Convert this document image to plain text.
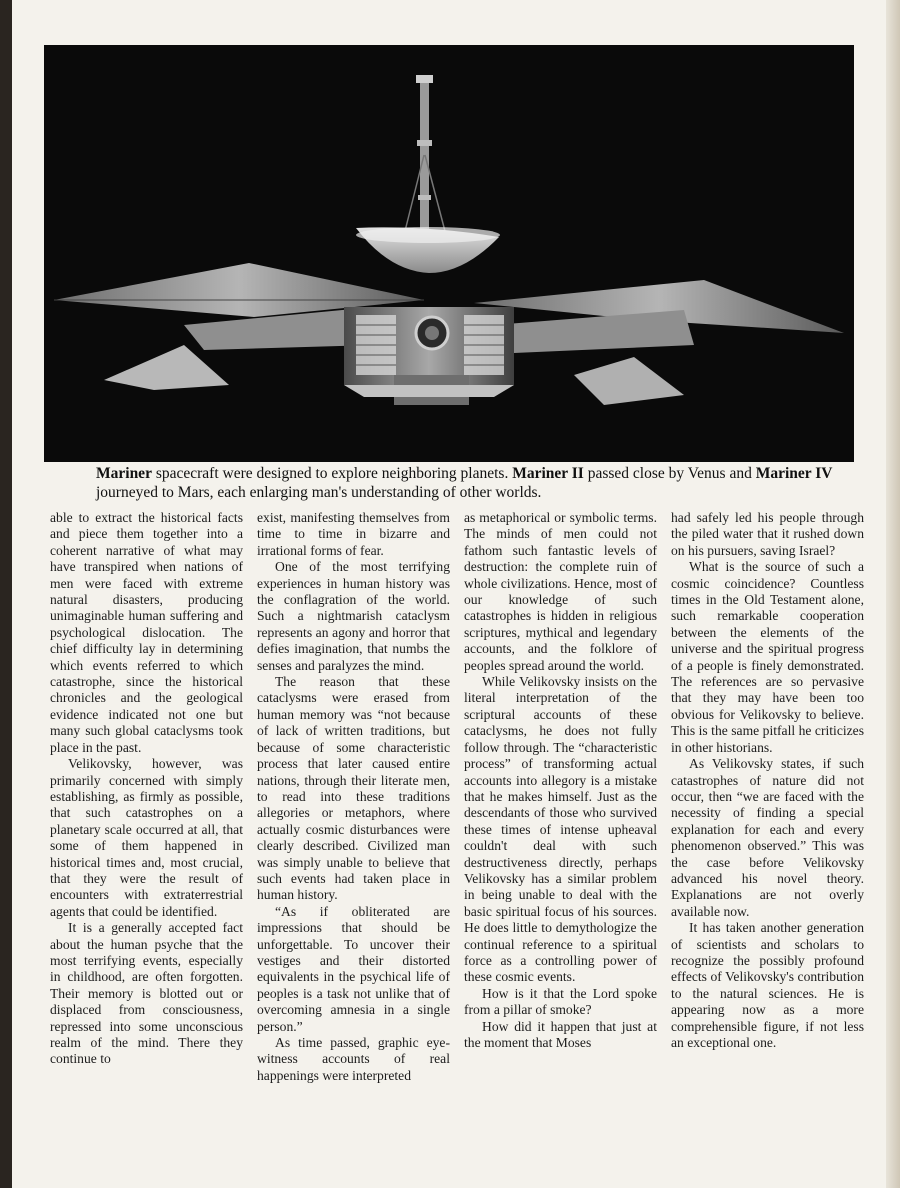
Mariner spacecraft were designed to explore neighboring planets. Mariner II passed close by Venus and Mariner IV journeyed to Mars, each enlarging man's understanding of other worlds.

able to extract the historical facts and piece them together into a coherent narrative of what may have transpired when nations of men were faced with extreme natural disasters, producing unimaginable human suffering and psychological dislocation. The chief difficulty lay in determining which events referred to which catastrophe, since the historical chronicles and the geological evidence indicated not one but many such global cataclysms took place in the past.

Velikovsky, however, was primarily concerned with simply establishing, as firmly as possible, that such catastrophes on a planetary scale occurred at all, that some of them happened in historical times and, most crucial, that they were the result of encounters with extraterrestrial agents that could be identified.

It is a generally accepted fact about the human psyche that the most terrifying events, especially in childhood, are often forgotten. Their memory is blotted out or displaced from consciousness, repressed into some unconscious realm of the mind. There they continue to

exist, manifesting themselves from time to time in bizarre and irrational forms of fear.

One of the most terrifying experiences in human history was the conflagration of the world. Such a nightmarish cataclysm represents an agony and horror that defies imagination, that numbs the senses and paralyzes the mind.

The reason that these cataclysms were erased from human memory was “not because of lack of written traditions, but because of some characteristic process that later caused entire nations, through their literate men, to read into these traditions allegories or metaphors, where actually cosmic disturbances were clearly described. Civilized man was simply unable to believe that such events had taken place in human history.

“As if obliterated are impressions that should be unforgettable. To uncover their vestiges and their distorted equivalents in the psychical life of peoples is a task not unlike that of overcoming amnesia in a single person.”

As time passed, graphic eye-witness accounts of real happenings were interpreted

as metaphorical or symbolic terms. The minds of men could not fathom such fantastic levels of destruction: the complete ruin of whole civilizations. Hence, most of our knowledge of such catastrophes is hidden in religious scriptures, mythical and legendary accounts, and the folklore of peoples spread around the world.

While Velikovsky insists on the literal interpretation of the scriptural accounts of these cataclysms, he does not fully follow through. The “characteristic process” of transforming actual accounts into allegory is a mistake that he makes himself. Just as the descendants of those who survived these times of intense upheaval couldn't deal with such destructiveness directly, perhaps Velikovsky has a similar problem in being unable to deal with the basic spiritual focus of his sources. He does little to demythologize the continual reference to a spiritual force as a controlling power of these cosmic events.

How is it that the Lord spoke from a pillar of smoke?

How did it happen that just at the moment that Moses

had safely led his people through the piled water that it rushed down on his pursuers, saving Israel?

What is the source of such a cosmic coincidence? Countless times in the Old Testament alone, such remarkable cooperation between the elements of the universe and the spiritual progress of a people is finely demonstrated. The references are so pervasive that they may have been too obvious for Velikovsky to believe. This is the same pitfall he criticizes in other historians.

As Velikovsky states, if such catastrophes of nature did not occur, then “we are faced with the necessity of finding a special explanation for each and every phenomenon observed.” This was the case before Velikovsky advanced his novel theory. Explanations are not overly available now.

It has taken another generation of scientists and scholars to recognize the possibly profound effects of Velikovsky's contribution to the natural sciences. He is appearing now as a more comprehensible figure, if not less an exceptional one.
